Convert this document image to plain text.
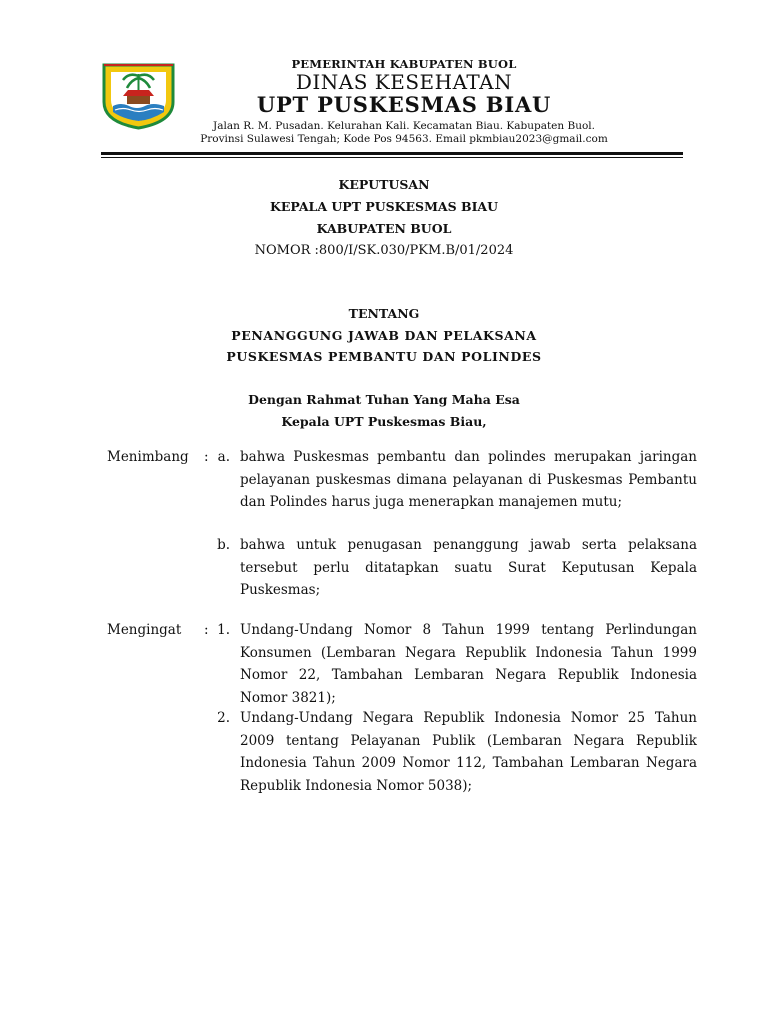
PEMERINTAH KABUPATEN BUOL
DINAS KESEHATAN
UPT PUSKESMAS BIAU
Jalan R. M. Pusadan. Kelurahan Kali. Kecamatan Biau. Kabupaten Buol.
Provinsi Sulawesi Tengah; Kode Pos 94563. Email pkmbiau2023@gmail.com
KEPUTUSAN
KEPALA UPT PUSKESMAS BIAU
KABUPATEN BUOL
NOMOR :800/I/SK.030/PKM.B/01/2024
TENTANG
PENANGGUNG JAWAB DAN PELAKSANA
PUSKESMAS PEMBANTU DAN POLINDES
Dengan Rahmat Tuhan Yang Maha Esa
Kepala UPT Puskesmas Biau,
Menimbang : a. bahwa Puskesmas pembantu dan polindes merupakan jaringan pelayanan puskesmas dimana pelayanan di Puskesmas Pembantu dan Polindes harus juga menerapkan manajemen mutu;
b. bahwa untuk penugasan penanggung jawab serta pelaksana tersebut perlu ditatapkan suatu Surat Keputusan Kepala Puskesmas;
Mengingat : 1. Undang-Undang Nomor 8 Tahun 1999 tentang Perlindungan Konsumen (Lembaran Negara Republik Indonesia Tahun 1999 Nomor 22, Tambahan Lembaran Negara Republik Indonesia Nomor 3821);
2. Undang-Undang Negara Republik Indonesia Nomor 25 Tahun 2009 tentang Pelayanan Publik (Lembaran Negara Republik Indonesia Tahun 2009 Nomor 112, Tambahan Lembaran Negara Republik Indonesia Nomor 5038);
